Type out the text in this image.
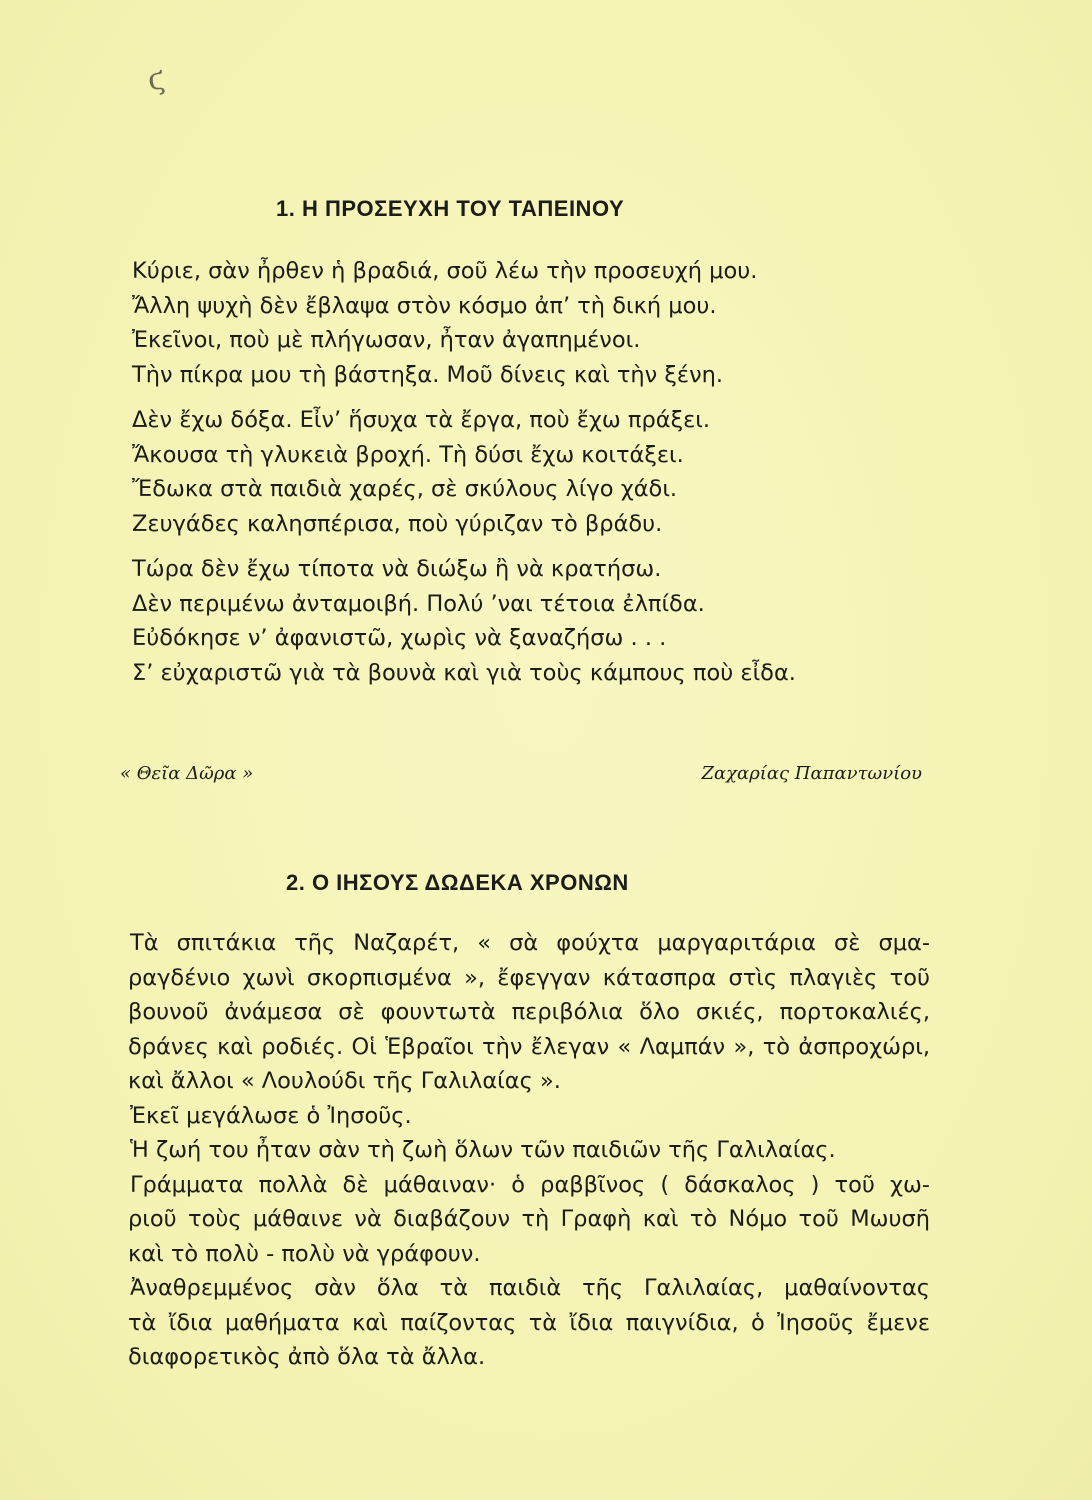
ϛ
1. Η ΠΡΟΣΕΥΧΗ ΤΟΥ ΤΑΠΕΙΝΟΥ
Κύριε, σὰν ἦρθεν ἡ βραδιά, σοῦ λέω τὴν προσευχή μου.
Ἄλλη ψυχὴ δὲν ἔβλαψα στὸν κόσμο ἀπ’ τὴ δική μου.
Ἐκεῖνοι, ποὺ μὲ πλήγωσαν, ἦταν ἀγαπημένοι.
Τὴν πίκρα μου τὴ βάστηξα. Μοῦ δίνεις καὶ τὴν ξένη.
Δὲν ἔχω δόξα. Εἶν’ ἥσυχα τὰ ἔργα, ποὺ ἔχω πράξει.
Ἄκουσα τὴ γλυκειὰ βροχή. Τὴ δύσι ἔχω κοιτάξει.
Ἔδωκα στὰ παιδιὰ χαρές, σὲ σκύλους λίγο χάδι.
Ζευγάδες καλησπέρισα, ποὺ γύριζαν τὸ βράδυ.
Τώρα δὲν ἔχω τίποτα νὰ διώξω ἢ νὰ κρατήσω.
Δὲν περιμένω ἀνταμοιβή. Πολύ ’ναι τέτοια ἐλπίδα.
Εὐδόκησε ν’ ἀφανιστῶ, χωρὶς νὰ ξαναζήσω . . .
Σ’ εὐχαριστῶ γιὰ τὰ βουνὰ καὶ γιὰ τοὺς κάμπους ποὺ εἶδα.
« Θεῖα Δῶρα »	Ζαχαρίας Παπαντωνίου
2. Ο ΙΗΣΟΥΣ ΔΩΔΕΚΑ ΧΡΟΝΩΝ
Τὰ σπιτάκια τῆς Ναζαρέτ, « σὰ φούχτα μαργαριτάρια σὲ σμα-
ραγδένιο χωνὶ σκορπισμένα », ἔφεγγαν κάτασπρα στὶς πλαγιὲς τοῦ
βουνοῦ ἀνάμεσα σὲ φουντωτὰ περιβόλια ὅλο σκιές, πορτοκαλιές,
δράνες καὶ ροδιές. Οἱ Ἑβραῖοι τὴν ἔλεγαν « Λαμπάν », τὸ ἀσπροχώρι,
καὶ ἄλλοι « Λουλούδι τῆς Γαλιλαίας ».
Ἐκεῖ μεγάλωσε ὁ Ἰησοῦς.
Ἡ ζωή του ἦταν σὰν τὴ ζωὴ ὅλων τῶν παιδιῶν τῆς Γαλιλαίας.
Γράμματα πολλὰ δὲ μάθαιναν· ὁ ραββῖνος ( δάσκαλος ) τοῦ χω-
ριοῦ τοὺς μάθαινε νὰ διαβάζουν τὴ Γραφὴ καὶ τὸ Νόμο τοῦ Μωυσῆ
καὶ τὸ πολὺ - πολὺ νὰ γράφουν.
Ἀναθρεμμένος σὰν ὅλα τὰ παιδιὰ τῆς Γαλιλαίας, μαθαίνοντας
τὰ ἴδια μαθήματα καὶ παίζοντας τὰ ἴδια παιγνίδια, ὁ Ἰησοῦς ἔμενε
διαφορετικὸς ἀπὸ ὅλα τὰ ἄλλα.
